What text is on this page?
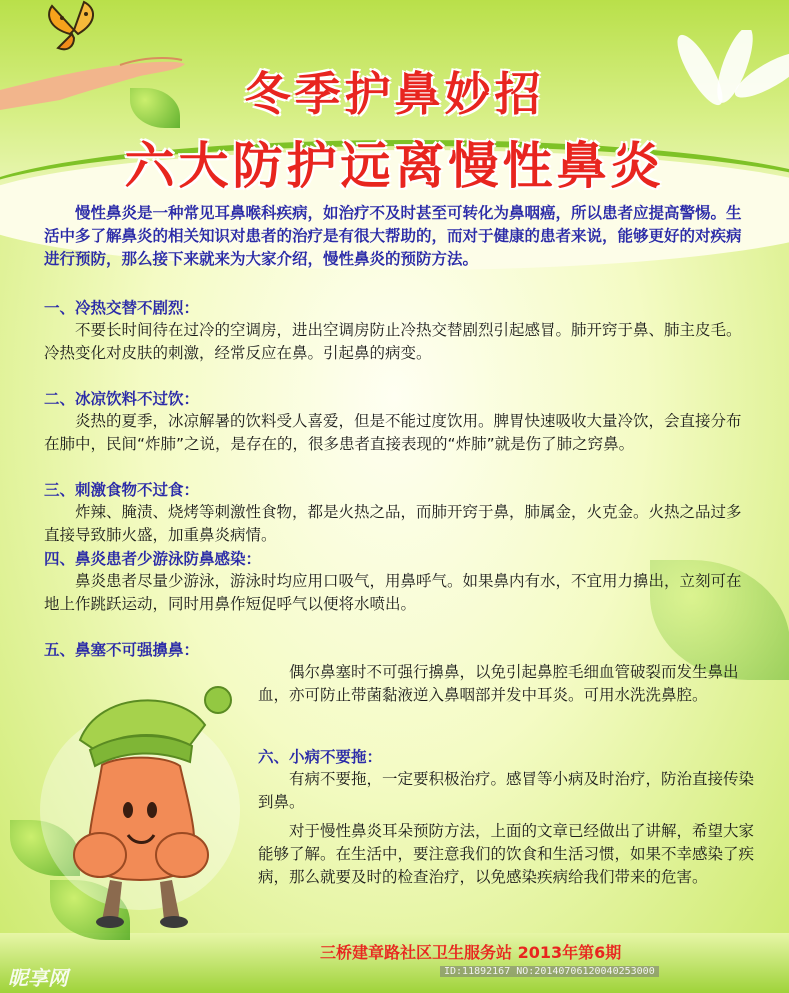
冬季护鼻妙招
六大防护远离慢性鼻炎
慢性鼻炎是一种常见耳鼻喉科疾病，如治疗不及时甚至可转化为鼻咽癌，所以患者应提高警惕。生活中多了解鼻炎的相关知识对患者的治疗是有很大帮助的，而对于健康的患者来说，能够更好的对疾病进行预防，那么接下来就来为大家介绍，慢性鼻炎的预防方法。
一、冷热交替不剧烈：
不要长时间待在过冷的空调房，进出空调房防止冷热交替剧烈引起感冒。肺开窍于鼻、肺主皮毛。冷热变化对皮肤的刺激，经常反应在鼻。引起鼻的病变。
二、冰凉饮料不过饮：
炎热的夏季，冰凉解暑的饮料受人喜爱，但是不能过度饮用。脾胃快速吸收大量冷饮，会直接分布在肺中，民间“炸肺”之说，是存在的，很多患者直接表现的“炸肺”就是伤了肺之窍鼻。
三、刺激食物不过食：
炸辣、腌渍、烧烤等刺激性食物，都是火热之品，而肺开窍于鼻，肺属金，火克金。火热之品过多直接导致肺火盛，加重鼻炎病情。
四、鼻炎患者少游泳防鼻感染：
鼻炎患者尽量少游泳，游泳时均应用口吸气，用鼻呼气。如果鼻内有水，不宜用力擤出，立刻可在地上作跳跃运动，同时用鼻作短促呼气以便将水喷出。
五、鼻塞不可强擤鼻：
偶尔鼻塞时不可强行擤鼻，以免引起鼻腔毛细血管破裂而发生鼻出血，亦可防止带菌黏液逆入鼻咽部并发中耳炎。可用水洗洗鼻腔。
六、小病不要拖：
有病不要拖，一定要积极治疗。感冒等小病及时治疗，防治直接传染到鼻。
对于慢性鼻炎耳朵预防方法，上面的文章已经做出了讲解，希望大家能够了解。在生活中，要注意我们的饮食和生活习惯，如果不幸感染了疾病，那么就要及时的检查治疗，以免感染疾病给我们带来的危害。
三桥建章路社区卫生服务站 2013年第6期
昵享网	ID:11892167 NO:20140706120040253000
